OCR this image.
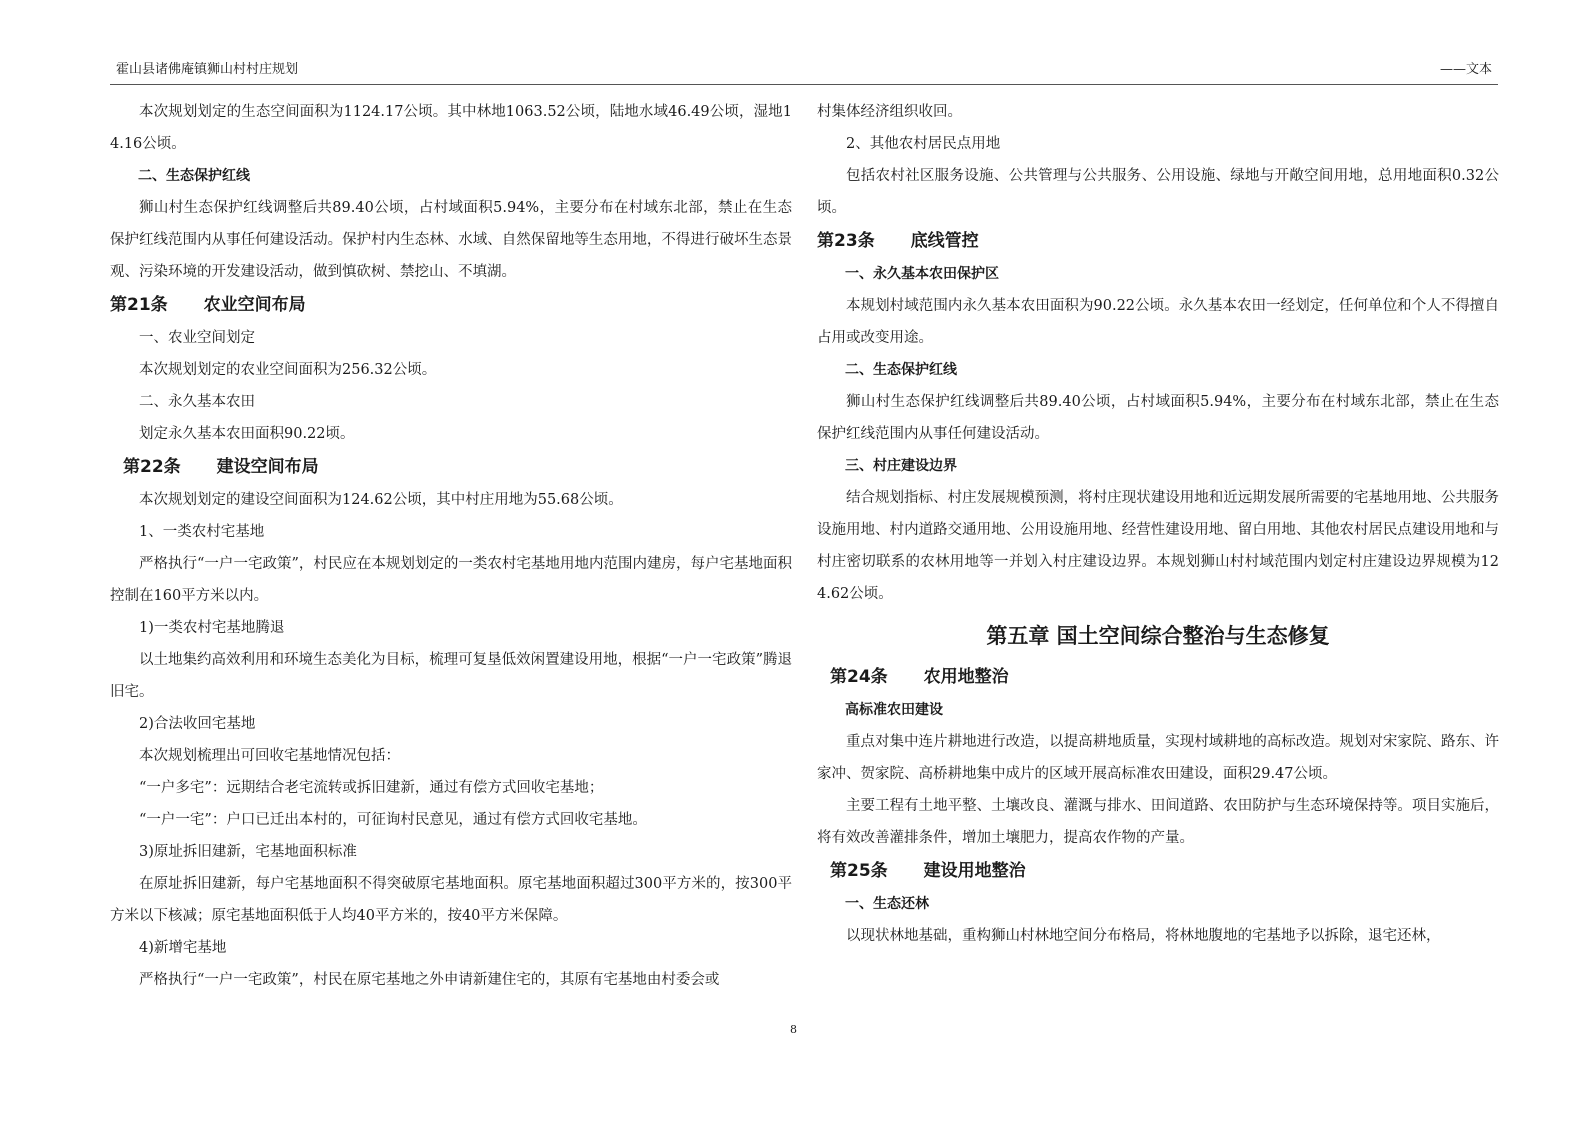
霍山县诸佛庵镇狮山村村庄规划	——文本

本次规划划定的生态空间面积为1124.17公顷。其中林地1063.52公顷，陆地水域46.49公顷，湿地14.16公顷。

二、生态保护红线

狮山村生态保护红线调整后共89.40公顷，占村域面积5.94%，主要分布在村域东北部，禁止在生态保护红线范围内从事任何建设活动。保护村内生态林、水域、自然保留地等生态用地，不得进行破坏生态景观、污染环境的开发建设活动，做到慎砍树、禁挖山、不填湖。

第21条 农业空间布局

一、农业空间划定

本次规划划定的农业空间面积为256.32公顷。

二、永久基本农田

划定永久基本农田面积90.22顷。

第22条 建设空间布局

本次规划划定的建设空间面积为124.62公顷，其中村庄用地为55.68公顷。

1、一类农村宅基地

严格执行“一户一宅政策”，村民应在本规划划定的一类农村宅基地用地内范围内建房，每户宅基地面积控制在160平方米以内。

1)一类农村宅基地腾退

以土地集约高效利用和环境生态美化为目标，梳理可复垦低效闲置建设用地，根据“一户一宅政策”腾退旧宅。

2)合法收回宅基地

本次规划梳理出可回收宅基地情况包括：

“一户多宅”：远期结合老宅流转或拆旧建新，通过有偿方式回收宅基地；

“一户一宅”：户口已迁出本村的，可征询村民意见，通过有偿方式回收宅基地。

3)原址拆旧建新，宅基地面积标准

在原址拆旧建新，每户宅基地面积不得突破原宅基地面积。原宅基地面积超过300平方米的，按300平方米以下核减；原宅基地面积低于人均40平方米的，按40平方米保障。

4)新增宅基地

严格执行“一户一宅政策”，村民在原宅基地之外申请新建住宅的，其原有宅基地由村委会或

村集体经济组织收回。

2、其他农村居民点用地

包括农村社区服务设施、公共管理与公共服务、公用设施、绿地与开敞空间用地，总用地面积0.32公顷。

第23条 底线管控

一、永久基本农田保护区

本规划村域范围内永久基本农田面积为90.22公顷。永久基本农田一经划定，任何单位和个人不得擅自占用或改变用途。

二、生态保护红线

狮山村生态保护红线调整后共89.40公顷，占村域面积5.94%，主要分布在村域东北部，禁止在生态保护红线范围内从事任何建设活动。

三、村庄建设边界

结合规划指标、村庄发展规模预测，将村庄现状建设用地和近远期发展所需要的宅基地用地、公共服务设施用地、村内道路交通用地、公用设施用地、经营性建设用地、留白用地、其他农村居民点建设用地和与村庄密切联系的农林用地等一并划入村庄建设边界。本规划狮山村村域范围内划定村庄建设边界规模为124.62公顷。

第五章 国土空间综合整治与生态修复

第24条 农用地整治

高标准农田建设

重点对集中连片耕地进行改造，以提高耕地质量，实现村域耕地的高标改造。规划对宋家院、路东、许家冲、贺家院、高桥耕地集中成片的区域开展高标准农田建设，面积29.47公顷。

主要工程有土地平整、土壤改良、灌溉与排水、田间道路、农田防护与生态环境保持等。项目实施后，将有效改善灌排条件，增加土壤肥力，提高农作物的产量。

第25条 建设用地整治

一、生态还林

以现状林地基础，重构狮山村林地空间分布格局，将林地腹地的宅基地予以拆除，退宅还林，

8
